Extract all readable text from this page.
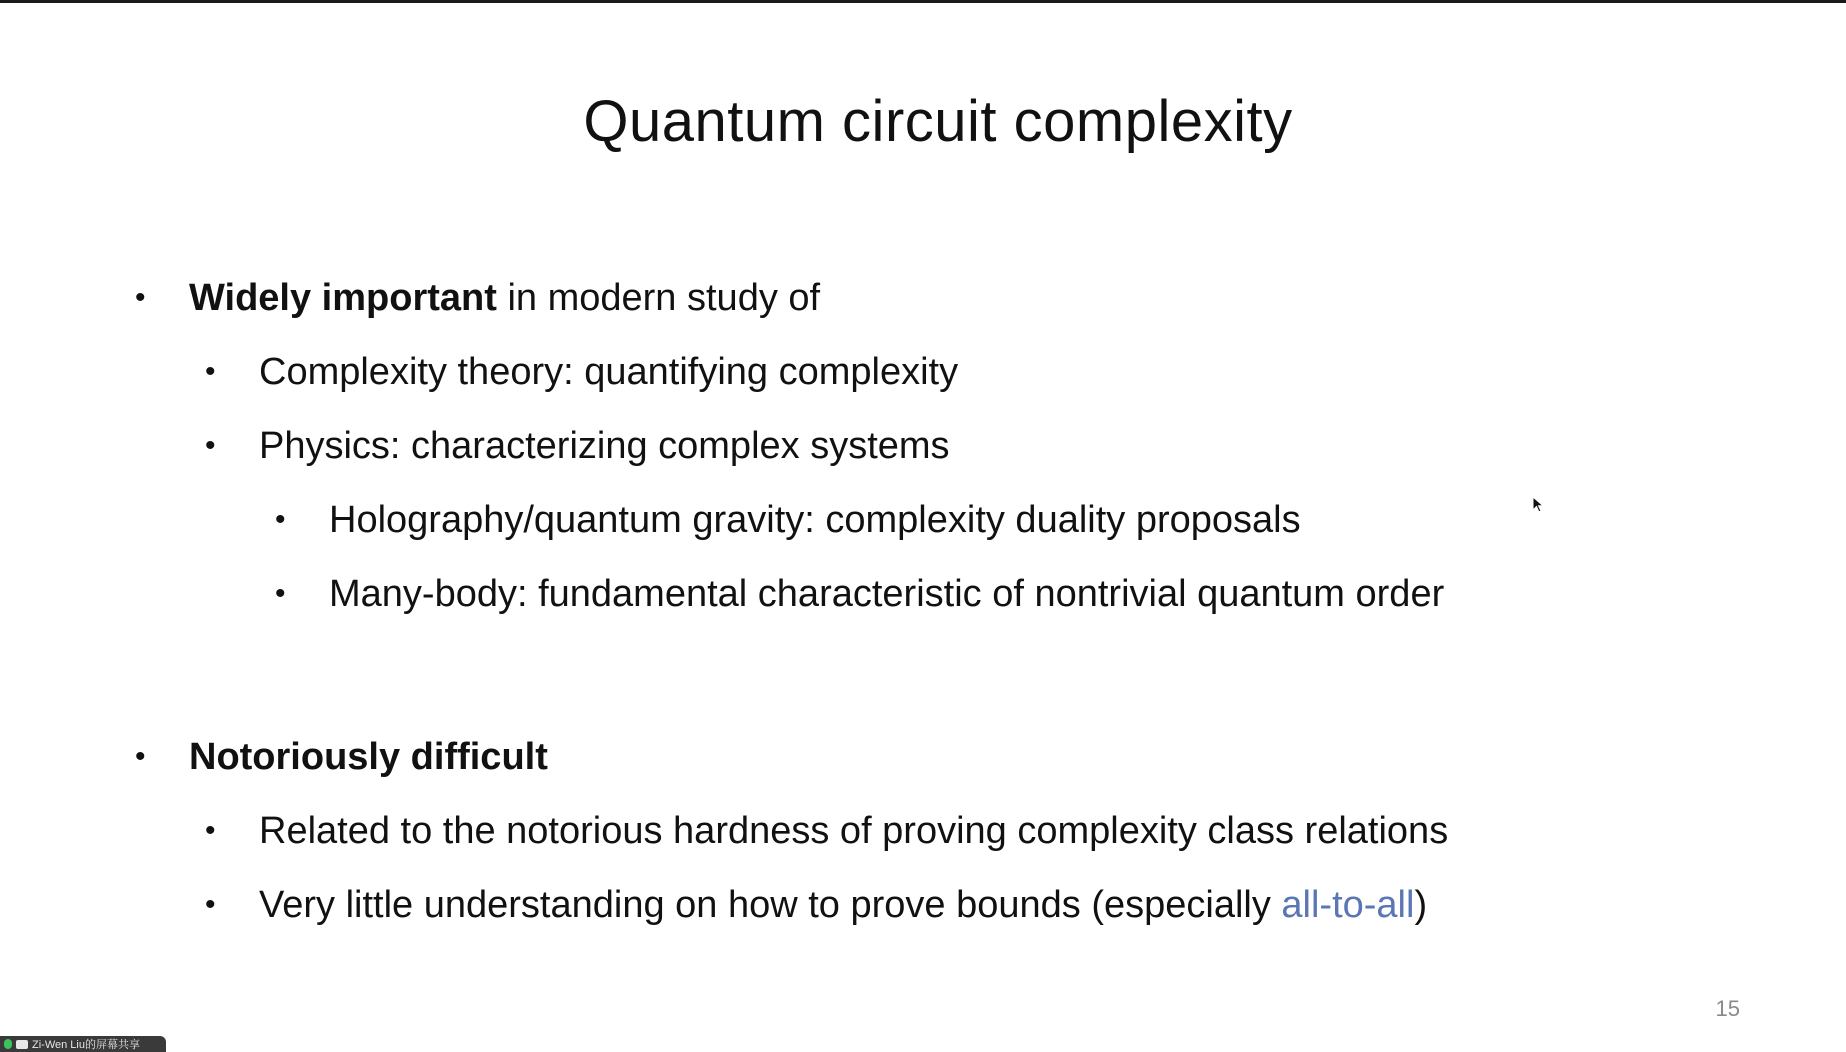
Quantum circuit complexity
• Widely important in modern study of
• Complexity theory: quantifying complexity
• Physics: characterizing complex systems
• Holography/quantum gravity: complexity duality proposals
• Many-body: fundamental characteristic of nontrivial quantum order
• Notoriously difficult
• Related to the notorious hardness of proving complexity class relations
• Very little understanding on how to prove bounds (especially all-to-all)
15
Zi-Wen Liu的屏幕共享
